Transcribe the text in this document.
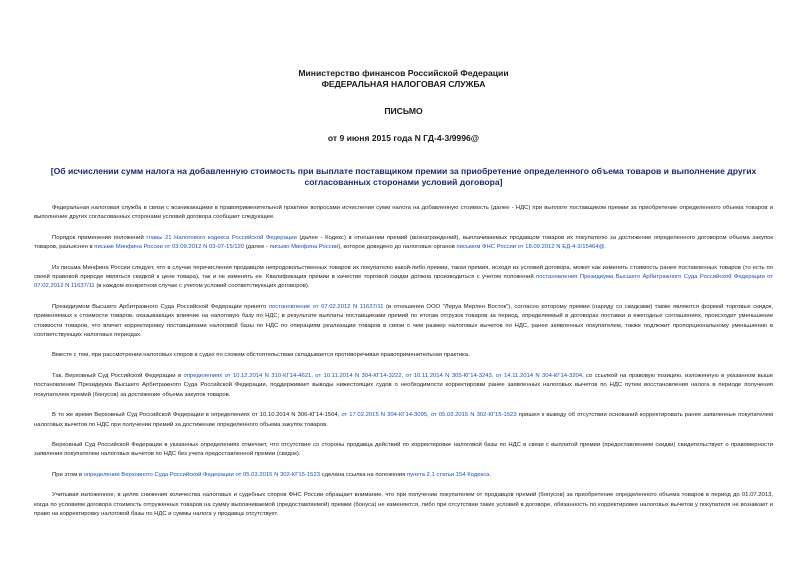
Министерство финансов Российской Федерации
ФЕДЕРАЛЬНАЯ НАЛОГОВАЯ СЛУЖБА
ПИСЬМО
от 9 июня 2015 года N ГД-4-3/9996@
[Об исчислении сумм налога на добавленную стоимость при выплате поставщиком премии за приобретение определенного объема товаров и выполнение других согласованных сторонами условий договора]

Федеральная налоговая служба в связи с возникающими в правоприменительной практике вопросами исчисления сумм налога на добавленную стоимость (далее - НДС) при выплате поставщиком премии за приобретение определенного объема товаров и выполнение других согласованных сторонами условий договора сообщает следующее.

Порядок применения положений главы 21 Налогового кодекса Российской Федерации (далее - Кодекс) в отношении премий (вознаграждений), выплачиваемых продавцом товаров их покупателю за достижение определенного договором объема закупок товаров, разъяснен в письме Минфина России от 03.09.2012 N 03-07-15/120 (далее - письмо Минфина России), которое доведено до налоговых органов письмом ФНС России от 18.09.2012 N ЕД-4-3/15464@.

Из письма Минфина России следует, что в случае перечисления продавцом непродовольственных товаров их покупателю какой-либо премии, такая премия, исходя из условий договора, может как изменять стоимость ранее поставленных товаров (то есть по своей правовой природе являться скидкой к цене товара), так и не изменять ее. Квалификация премии в качестве торговой скидки должна производиться с учетом положений постановления Президиума Высшего Арбитражного Суда Российской Федерации от 07.02.2012 N 11637/11 (в каждом конкретном случае с учетом условий соответствующих договоров).

Президиумом Высшего Арбитражного Суда Российской Федерации принято постановление от 07.02.2012 N 11637/11 (в отношении ООО "Леруа Мерлен Восток"), согласно которому премии (наряду со скидками) также являются формой торговых скидок, применяемых к стоимости товаров, оказывающих влияние на налоговую базу по НДС; в результате выплаты поставщиками премий по итогам отгрузок товаров за период, определяемый в договорах поставки и ежегодных соглашениях, происходит уменьшение стоимости товаров, что влечет корректировку поставщиками налоговой базы по НДС по операциям реализации товаров в связи с чем размер налоговых вычетов по НДС, ранее заявленных покупателем, также подлежит пропорциональному уменьшению в соответствующих налоговых периодах.

Вместе с тем, при рассмотрении налоговых споров в судах по схожим обстоятельствам складывается противоречивая правоприменительная практика.

Так, Верховный Суд Российской Федерации в определениях от 10.12.2014 N 310-КГ14-4621, от 10.11.2014 N 304-КГ14-3222, от 10.11.2014 N 305-КГ14-3243, от 14.11.2014 N 304-КГ14-3204, со ссылкой на правовую позицию, изложенную в указанном выше постановлении Президиума Высшего Арбитражного Суда Российской Федерации, поддерживает выводы нижестоящих судов о необходимости корректировки ранее заявленных налоговых вычетов по НДС путем восстановления налога в периоде получения покупателем премий (бонусов) за достижение объема закупок товаров.

В то же время Верховный Суд Российской Федерации в определениях от 10.10.2014 N 306-КГ14-1504, от 17.02.2015 N 304-КГ14-3095, от 05.03.2015 N 302-КГ15-1523 пришел к выводу об отсутствии оснований корректировать ранее заявленные покупателем налоговых вычетов по НДС при получении премий за достижение определенного объема закупок товаров.

Верховный Суд Российской Федерации в указанных определениях отмечает, что отсутствие со стороны продавца действий по корректировке налоговой базы по НДС в связи с выплатой премии (предоставлением скидки) свидетельствует о правомерности заявления покупателем налоговых вычетов по НДС без учета предоставленной премии (скидок).

При этом в определении Верховного Суда Российской Федерации от 05.03.2015 N 302-КГ15-1523 сделана ссылка на положения пункта 2.1 статьи 154 Кодекса.

Учитывая изложенное, в целях снижения количества налоговых и судебных споров ФНС России обращает внимание, что при получении покупателем от продавцов премий (бонусов) за приобретение определенного объема товаров в период до 01.07.2013, когда по условиям договора стоимость отгруженных товаров на сумму выплачиваемой (предоставляемой) премии (бонуса) не изменяется, либо при отсутствии таких условий в договоре, обязанность по корректировке налоговых вычетов у покупателя не возникает и право на корректировку налоговой базы по НДС и суммы налога у продавца отсутствует.
